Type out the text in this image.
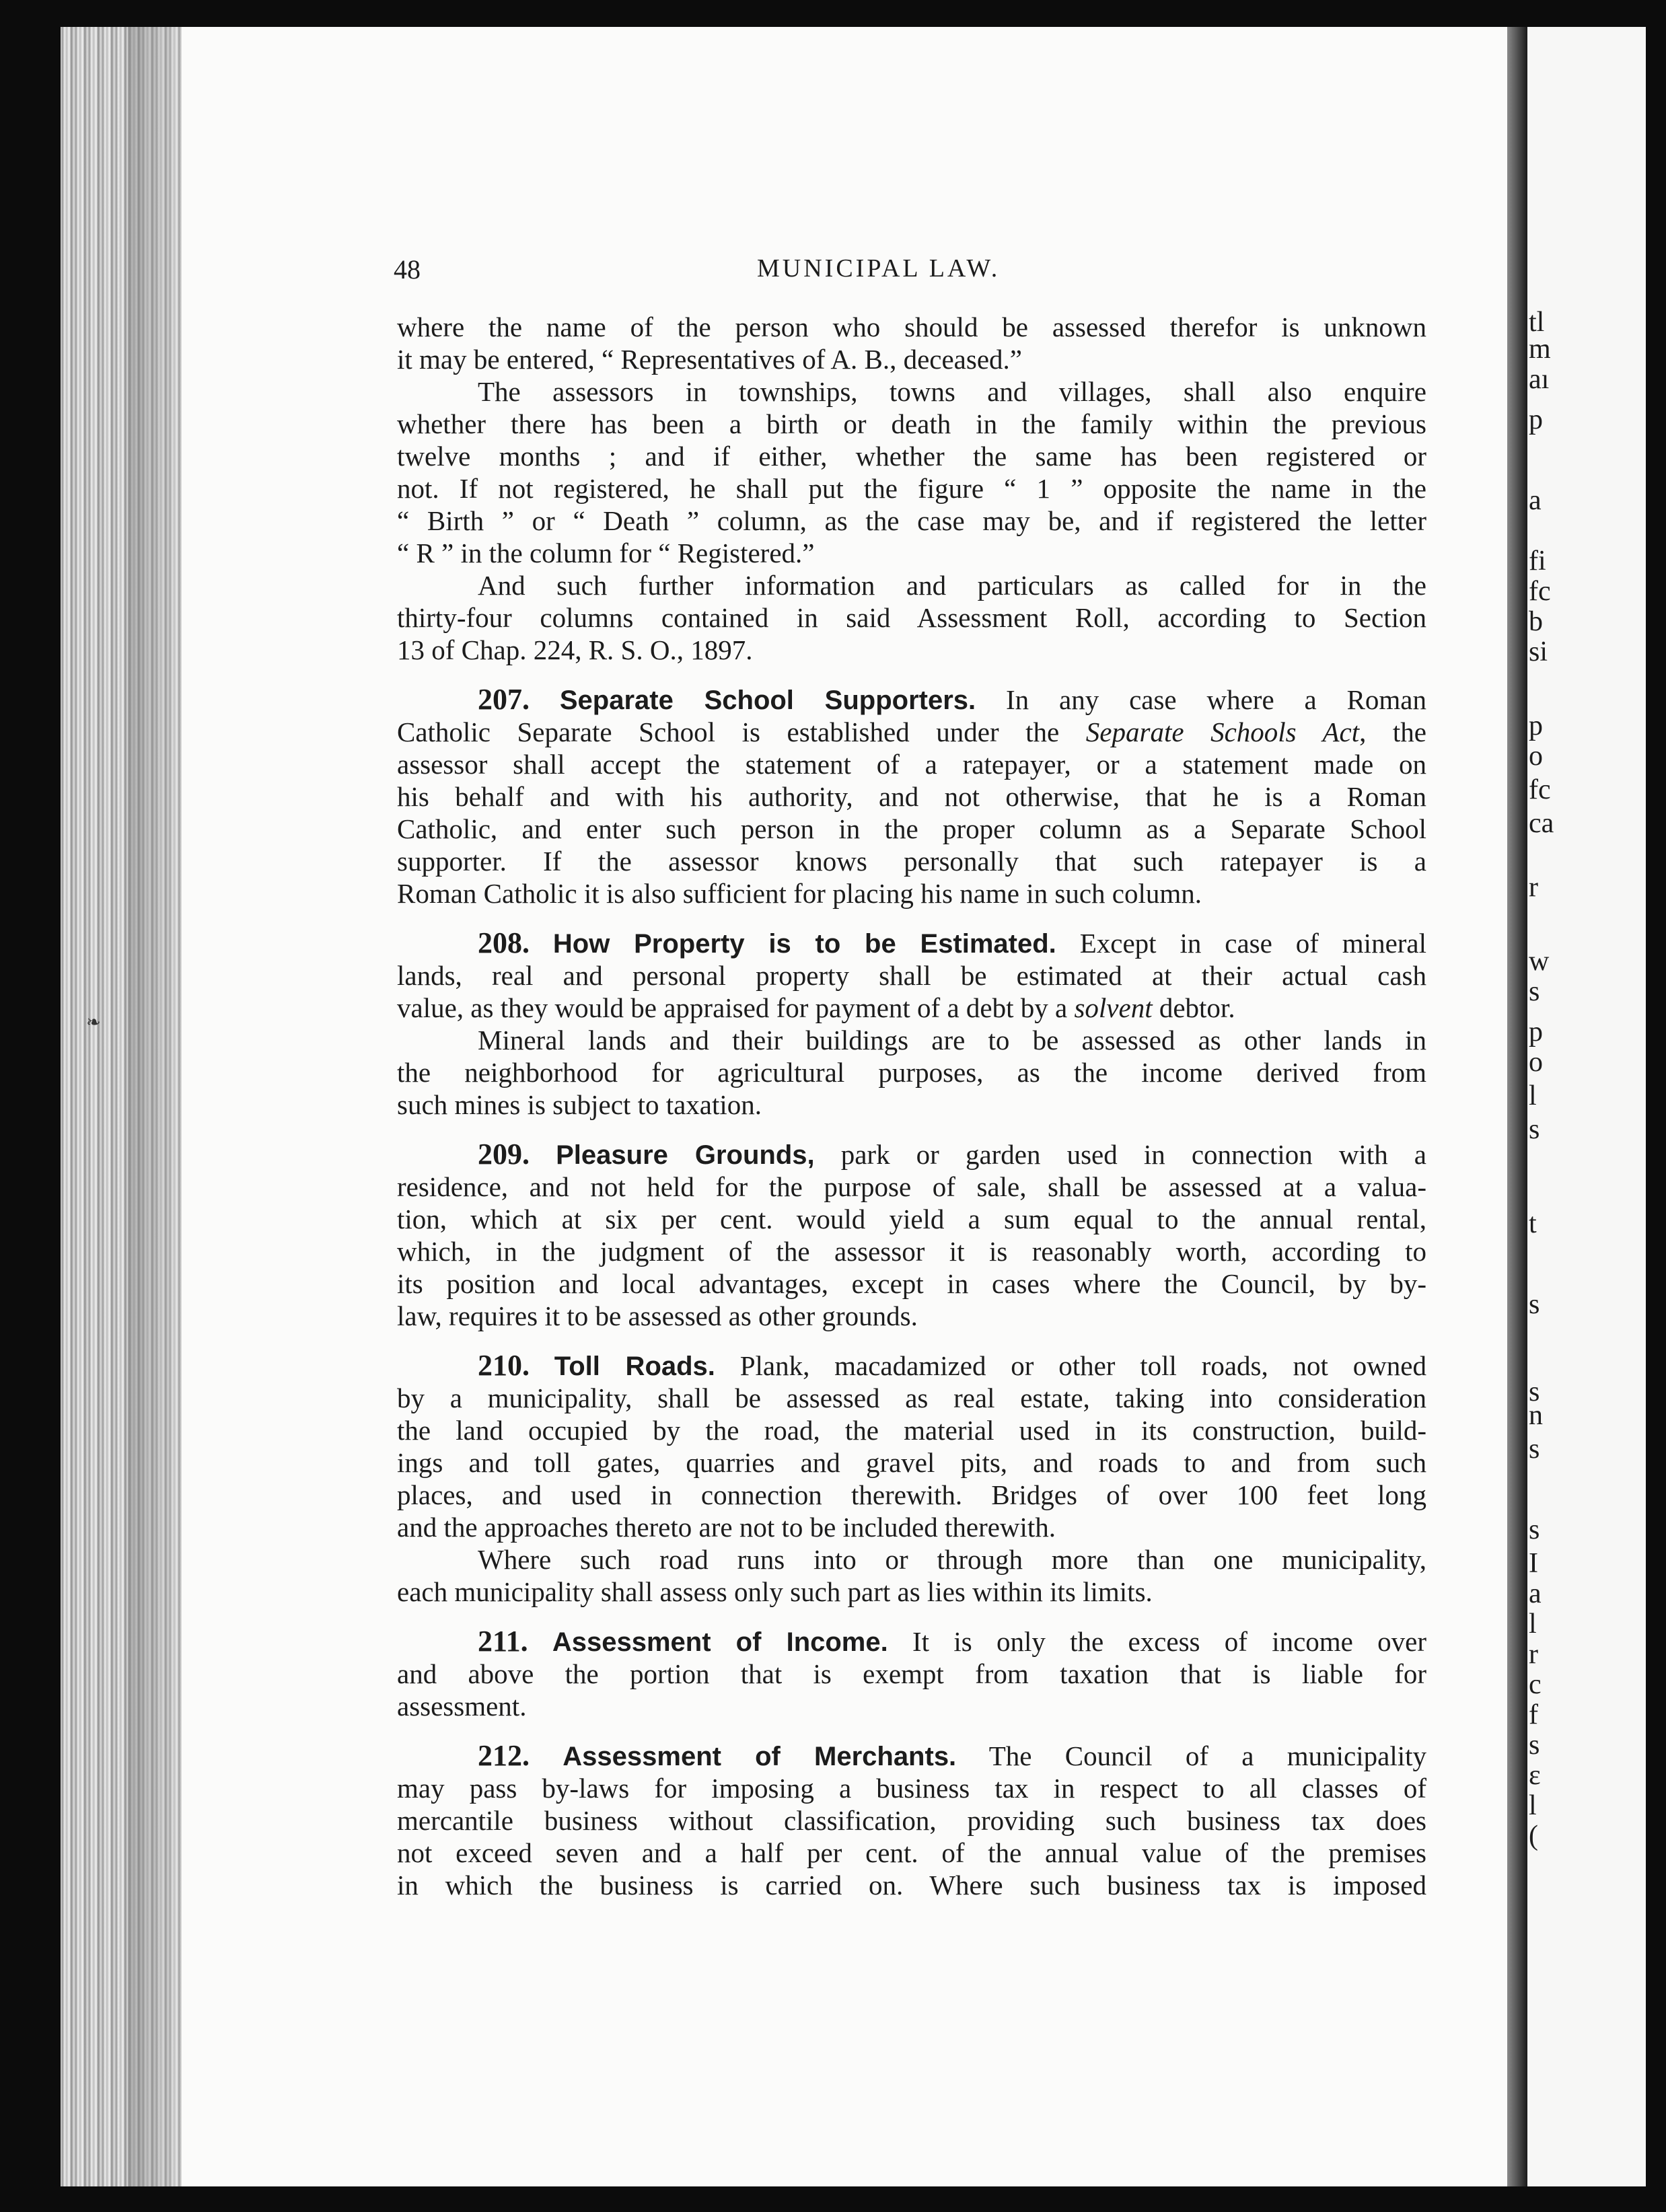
❧
tl
m
aı
p
a
fi
fc
b
si
p
o
fc
ca
r
w
s
p
o
l
s
t
s
s
n
s
s
I
a
l
r
c
f
s
ɛ
l
(
48	MUNICIPAL LAW.
where the name of the person who should be assessed therefor is unknown
it may be entered, “ Representatives of A. B., deceased.”
The assessors in townships, towns and villages, shall also enquire
whether there has been a birth or death in the family within the previous
twelve months ; and if either, whether the same has been registered or
not. If not registered, he shall put the figure “ 1 ” opposite the name in the
“ Birth ” or “ Death ” column, as the case may be, and if registered the letter
“ R ” in the column for “ Registered.”
And such further information and particulars as called for in the
thirty-four columns contained in said Assessment Roll, according to Section
13 of Chap. 224, R. S. O., 1897.
207. Separate School Supporters. In any case where a Roman
Catholic Separate School is established under the Separate Schools Act, the
assessor shall accept the statement of a ratepayer, or a statement made on
his behalf and with his authority, and not otherwise, that he is a Roman
Catholic, and enter such person in the proper column as a Separate School
supporter. If the assessor knows personally that such ratepayer is a
Roman Catholic it is also sufficient for placing his name in such column.
208. How Property is to be Estimated. Except in case of mineral
lands, real and personal property shall be estimated at their actual cash
value, as they would be appraised for payment of a debt by a solvent debtor.
Mineral lands and their buildings are to be assessed as other lands in
the neighborhood for agricultural purposes, as the income derived from
such mines is subject to taxation.
209. Pleasure Grounds, park or garden used in connection with a
residence, and not held for the purpose of sale, shall be assessed at a valua-
tion, which at six per cent. would yield a sum equal to the annual rental,
which, in the judgment of the assessor it is reasonably worth, according to
its position and local advantages, except in cases where the Council, by by-
law, requires it to be assessed as other grounds.
210. Toll Roads. Plank, macadamized or other toll roads, not owned
by a municipality, shall be assessed as real estate, taking into consideration
the land occupied by the road, the material used in its construction, build-
ings and toll gates, quarries and gravel pits, and roads to and from such
places, and used in connection therewith. Bridges of over 100 feet long
and the approaches thereto are not to be included therewith.
Where such road runs into or through more than one municipality,
each municipality shall assess only such part as lies within its limits.
211. Assessment of Income. It is only the excess of income over
and above the portion that is exempt from taxation that is liable for
assessment.
212. Assessment of Merchants. The Council of a municipality
may pass by-laws for imposing a business tax in respect to all classes of
mercantile business without classification, providing such business tax does
not exceed seven and a half per cent. of the annual value of the premises
in which the business is carried on. Where such business tax is imposed
